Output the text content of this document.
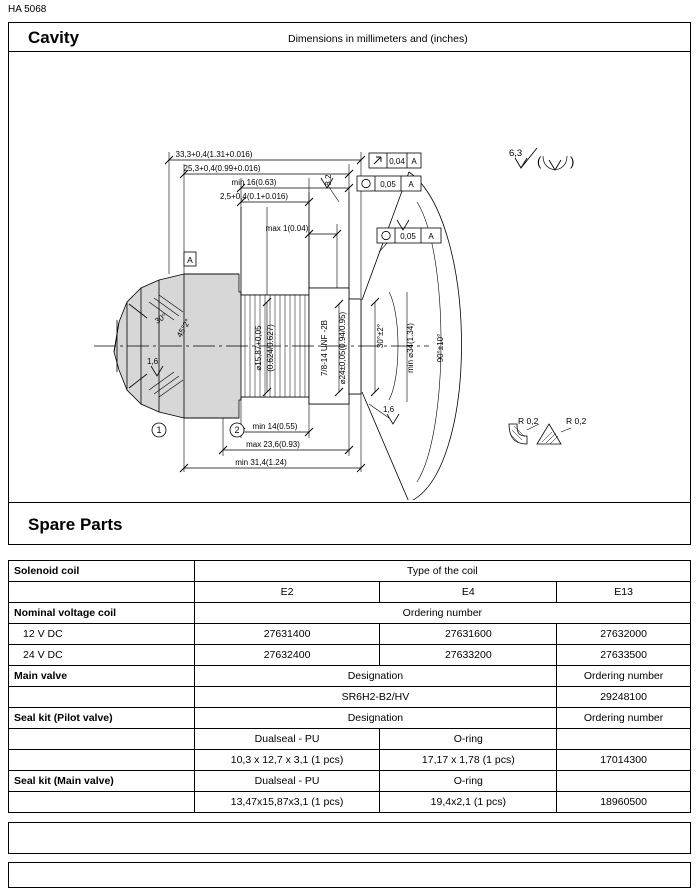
HA 5068
Cavity	Dimensions in millimeters and (inches)
33,3+0,4(1.31+0.016)
25,3+0,4(0.99+0.016)
min 16(0.63)
2,5+0,4(0.1+0.016)
max 1(0.04)
min 14(0.55)
max 23,6(0.93)
min 31,4(1.24)
⌀15,87+0,05 (0.624/0.627)	7/8-14 UNF -2B ⌀24±0,05(0.94/0.95)	min ⌀34(1.34)
30°±2°	90°±10°
30° 45°2°
1,6
1,6
3,2
R 0,2	R 0,2
6,3
( )
A
0,04 A
0,05 A
0,05 A
1	2
Spare Parts
Solenoid coil	Type of the coil		
	E2	E4	E13
Nominal voltage coil	Ordering number		
12 V DC	27631400	27631600	27632000
24 V DC	27632400	27633200	27633500
Main valve	Designation		Ordering number
	SR6H2-B2/HV		29248100
Seal kit (Pilot valve)	Designation		Ordering number
	Dualseal - PU	O-ring	
	10,3 x 12,7 x 3,1 (1 pcs)	17,17 x 1,78 (1 pcs)	17014300
Seal kit (Main valve)	Dualseal - PU	O-ring	
	13,47x15,87x3,1 (1 pcs)	19,4x2,1 (1 pcs)	18960500
